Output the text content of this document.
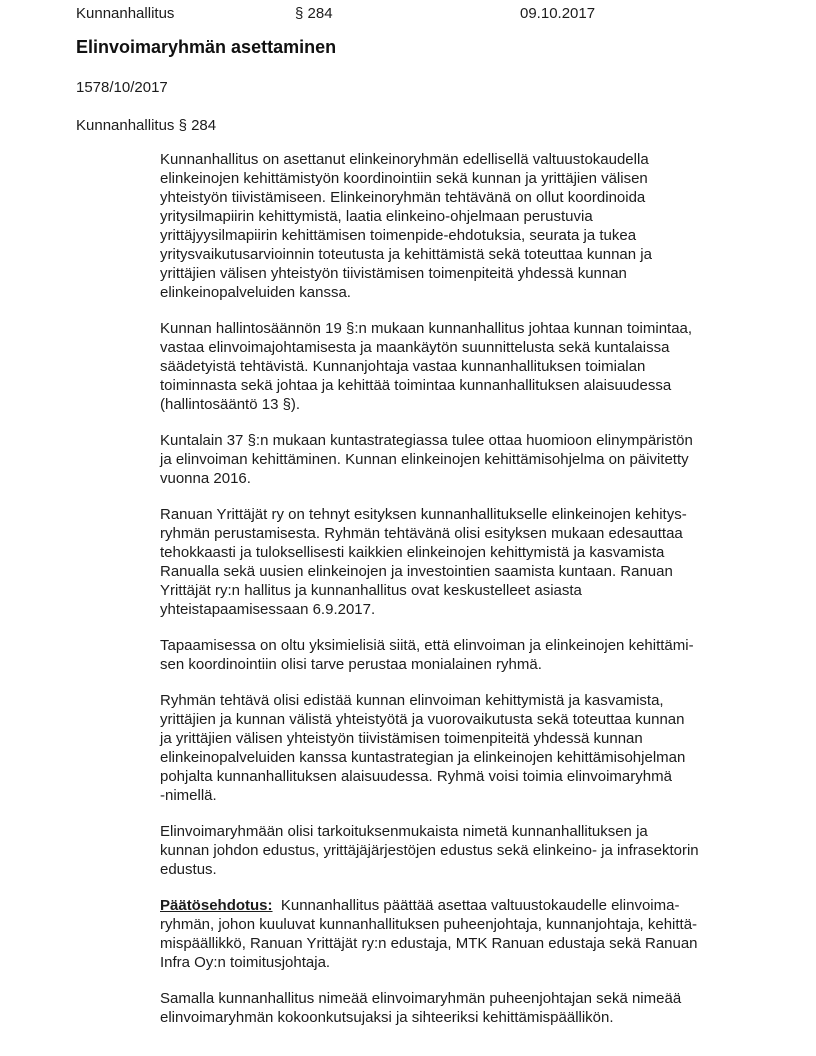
Kunnanhallitus	§ 284	09.10.2017
Elinvoimaryhmän asettaminen
1578/10/2017
Kunnanhallitus § 284

Kunnanhallitus on asettanut elinkeinoryhmän edellisellä valtuustokaudella
elinkeinojen kehittämistyön koordinointiin sekä kunnan ja yrittäjien välisen
yhteistyön tiivistämiseen. Elinkeinoryhmän tehtävänä on ollut koordinoida
yritysilmapiirin kehittymistä, laatia elinkeino-ohjelmaan perustuvia
yrittäjyysilmapiirin kehittämisen toimenpide-ehdotuksia, seurata ja tukea
yritysvaikutusarvioinnin toteutusta ja kehittämistä sekä toteuttaa kunnan ja
yrittäjien välisen yhteistyön tiivistämisen toimenpiteitä yhdessä kunnan
elinkeinopalveluiden kanssa.

Kunnan hallintosäännön 19 §:n mukaan kunnanhallitus johtaa kunnan toimintaa,
vastaa elinvoimajohtamisesta ja maankäytön suunnittelusta sekä kuntalaissa
säädetyistä tehtävistä. Kunnanjohtaja vastaa kunnanhallituksen toimialan
toiminnasta sekä johtaa ja kehittää toimintaa kunnanhallituksen alaisuudessa
(hallintosääntö 13 §).

Kuntalain 37 §:n mukaan kuntastrategiassa tulee ottaa huomioon elinympäristön
ja elinvoiman kehittäminen. Kunnan elinkeinojen kehittämisohjelma on päivitetty
vuonna 2016.

Ranuan Yrittäjät ry on tehnyt esityksen kunnanhallitukselle elinkeinojen kehitys-
ryhmän perustamisesta. Ryhmän tehtävänä olisi esityksen mukaan edesauttaa
tehokkaasti ja tuloksellisesti kaikkien elinkeinojen kehittymistä ja kasvamista
Ranualla sekä uusien elinkeinojen ja investointien saamista kuntaan. Ranuan
Yrittäjät ry:n hallitus ja kunnanhallitus ovat keskustelleet asiasta
yhteistapaamisessaan 6.9.2017.

Tapaamisessa on oltu yksimielisiä siitä, että elinvoiman ja elinkeinojen kehittämi-
sen koordinointiin olisi tarve perustaa monialainen ryhmä.

Ryhmän tehtävä olisi edistää kunnan elinvoiman kehittymistä ja kasvamista,
yrittäjien ja kunnan välistä yhteistyötä ja vuorovaikutusta sekä toteuttaa kunnan
ja yrittäjien välisen yhteistyön tiivistämisen toimenpiteitä yhdessä kunnan
elinkeinopalveluiden kanssa kuntastrategian ja elinkeinojen kehittämisohjelman
pohjalta kunnanhallituksen alaisuudessa. Ryhmä voisi toimia elinvoimaryhmä
-nimellä.

Elinvoimaryhmään olisi tarkoituksenmukaista nimetä kunnanhallituksen ja
kunnan johdon edustus, yrittäjäjärjestöjen edustus sekä elinkeino- ja infrasektorin
edustus.

Päätösehdotus:  Kunnanhallitus päättää asettaa valtuustokaudelle elinvoima-
ryhmän, johon kuuluvat kunnanhallituksen puheenjohtaja, kunnanjohtaja, kehittä-
mispäällikkö, Ranuan Yrittäjät ry:n edustaja, MTK Ranuan edustaja sekä Ranuan
Infra Oy:n toimitusjohtaja.

Samalla kunnanhallitus nimeää elinvoimaryhmän puheenjohtajan sekä nimeää
elinvoimaryhmän kokoonkutsujaksi ja sihteeriksi kehittämispäällikön.
